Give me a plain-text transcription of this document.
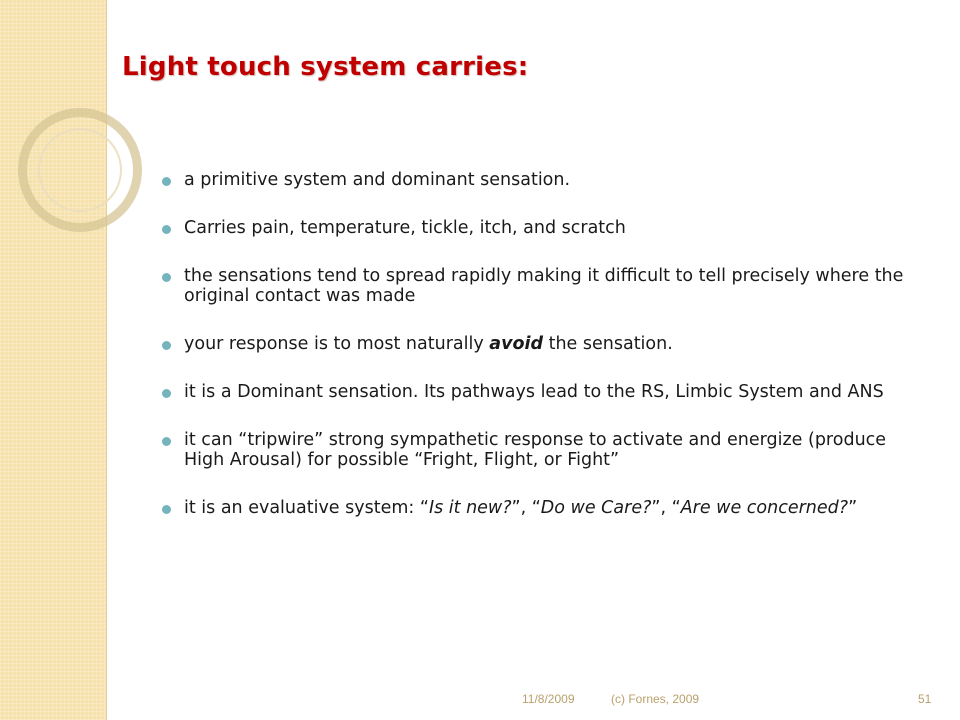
Light touch system carries:
a primitive system and dominant sensation.
Carries pain, temperature, tickle, itch, and scratch
the sensations tend to spread rapidly making it difficult to tell precisely where the original contact was made
your response is to most naturally avoid the sensation.
it is a Dominant sensation. Its pathways lead to the RS, Limbic System and ANS
it can “tripwire” strong sympathetic response to activate and energize (produce High Arousal) for possible “Fright, Flight, or Fight”
it is an evaluative system: “Is it new?”, “Do we Care?”, “Are we concerned?”
11/8/2009	(c) Fornes, 2009	51
